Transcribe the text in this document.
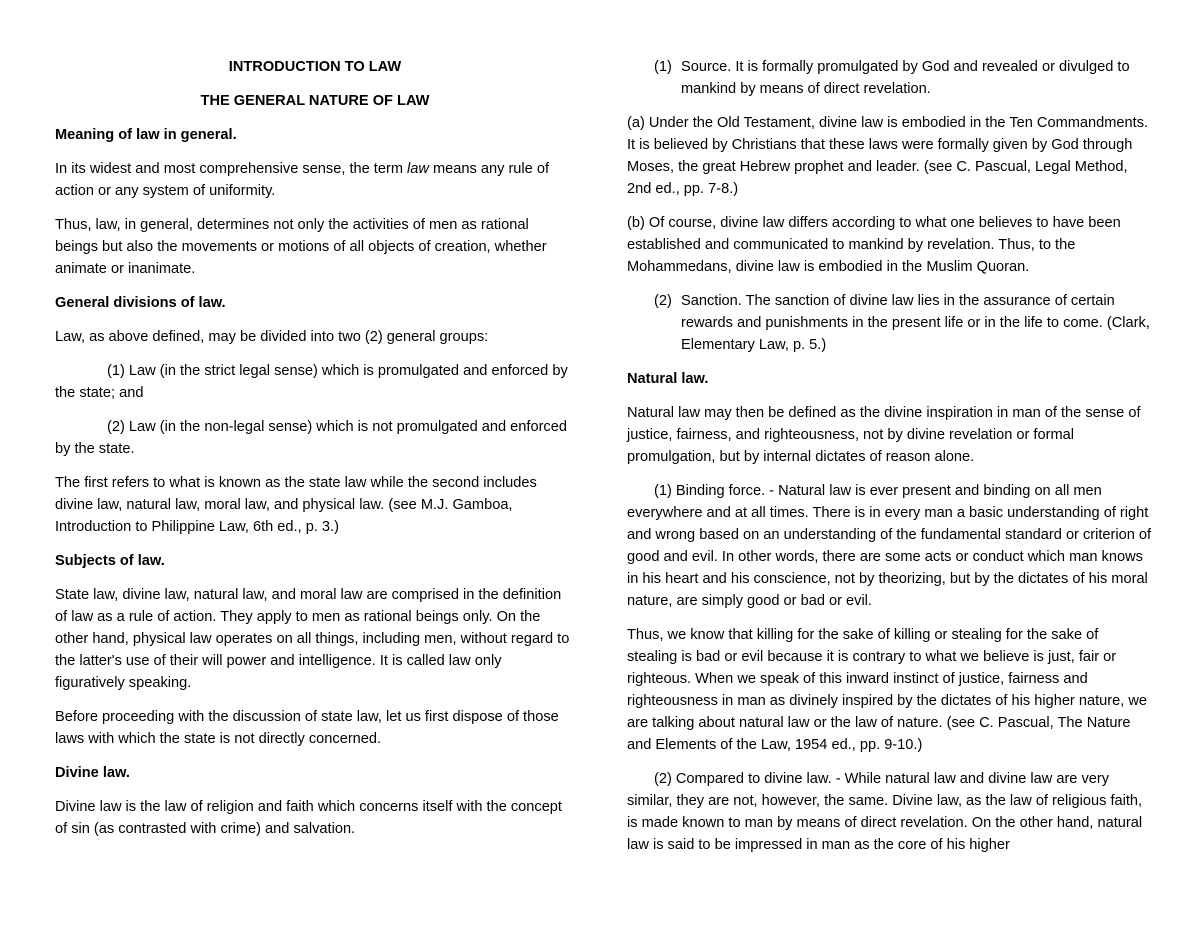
INTRODUCTION TO LAW

THE GENERAL NATURE OF LAW

Meaning of law in general.

In its widest and most comprehensive sense, the term law means any rule of action or any system of uniformity.

Thus, law, in general, determines not only the activities of men as rational beings but also the movements or motions of all objects of creation, whether animate or inanimate.

General divisions of law.

Law, as above defined, may be divided into two (2) general groups:

(1) Law (in the strict legal sense) which is promulgated and enforced by the state; and

(2) Law (in the non-legal sense) which is not promulgated and enforced by the state.

The first refers to what is known as the state law while the second includes divine law, natural law, moral law, and physical law. (see M.J. Gamboa, Introduction to Philippine Law, 6th ed., p. 3.)

Subjects of law.

State law, divine law, natural law, and moral law are comprised in the definition of law as a rule of action. They apply to men as rational beings only. On the other hand, physical law operates on all things, including men, without regard to the latter's use of their will power and intelligence. It is called law only figuratively speaking.

Before proceeding with the discussion of state law, let us first dispose of those laws with which the state is not directly concerned.

Divine law.

Divine law is the law of religion and faith which concerns itself with the concept of sin (as contrasted with crime) and salvation.

(1) Source. It is formally promulgated by God and revealed or divulged to mankind by means of direct revelation.

(a) Under the Old Testament, divine law is embodied in the Ten Commandments. It is believed by Christians that these laws were formally given by God through Moses, the great Hebrew prophet and leader. (see C. Pascual, Legal Method, 2nd ed., pp. 7-8.)

(b) Of course, divine law differs according to what one believes to have been established and communicated to mankind by revelation. Thus, to the Mohammedans, divine law is embodied in the Muslim Quoran.

(2) Sanction. The sanction of divine law lies in the assurance of certain rewards and punishments in the present life or in the life to come. (Clark, Elementary Law, p. 5.)

Natural law.

Natural law may then be defined as the divine inspiration in man of the sense of justice, fairness, and righteousness, not by divine revelation or formal promulgation, but by internal dictates of reason alone.

(1) Binding force. - Natural law is ever present and binding on all men everywhere and at all times. There is in every man a basic understanding of right and wrong based on an understanding of the fundamental standard or criterion of good and evil. In other words, there are some acts or conduct which man knows in his heart and his conscience, not by theorizing, but by the dictates of his moral nature, are simply good or bad or evil.

Thus, we know that killing for the sake of killing or stealing for the sake of stealing is bad or evil because it is contrary to what we believe is just, fair or righteous. When we speak of this inward instinct of justice, fairness and righteousness in man as divinely inspired by the dictates of his higher nature, we are talking about natural law or the law of nature. (see C. Pascual, The Nature and Elements of the Law, 1954 ed., pp. 9-10.)

(2) Compared to divine law. - While natural law and divine law are very similar, they are not, however, the same. Divine law, as the law of religious faith, is made known to man by means of direct revelation. On the other hand, natural law is said to be impressed in man as the core of his higher
